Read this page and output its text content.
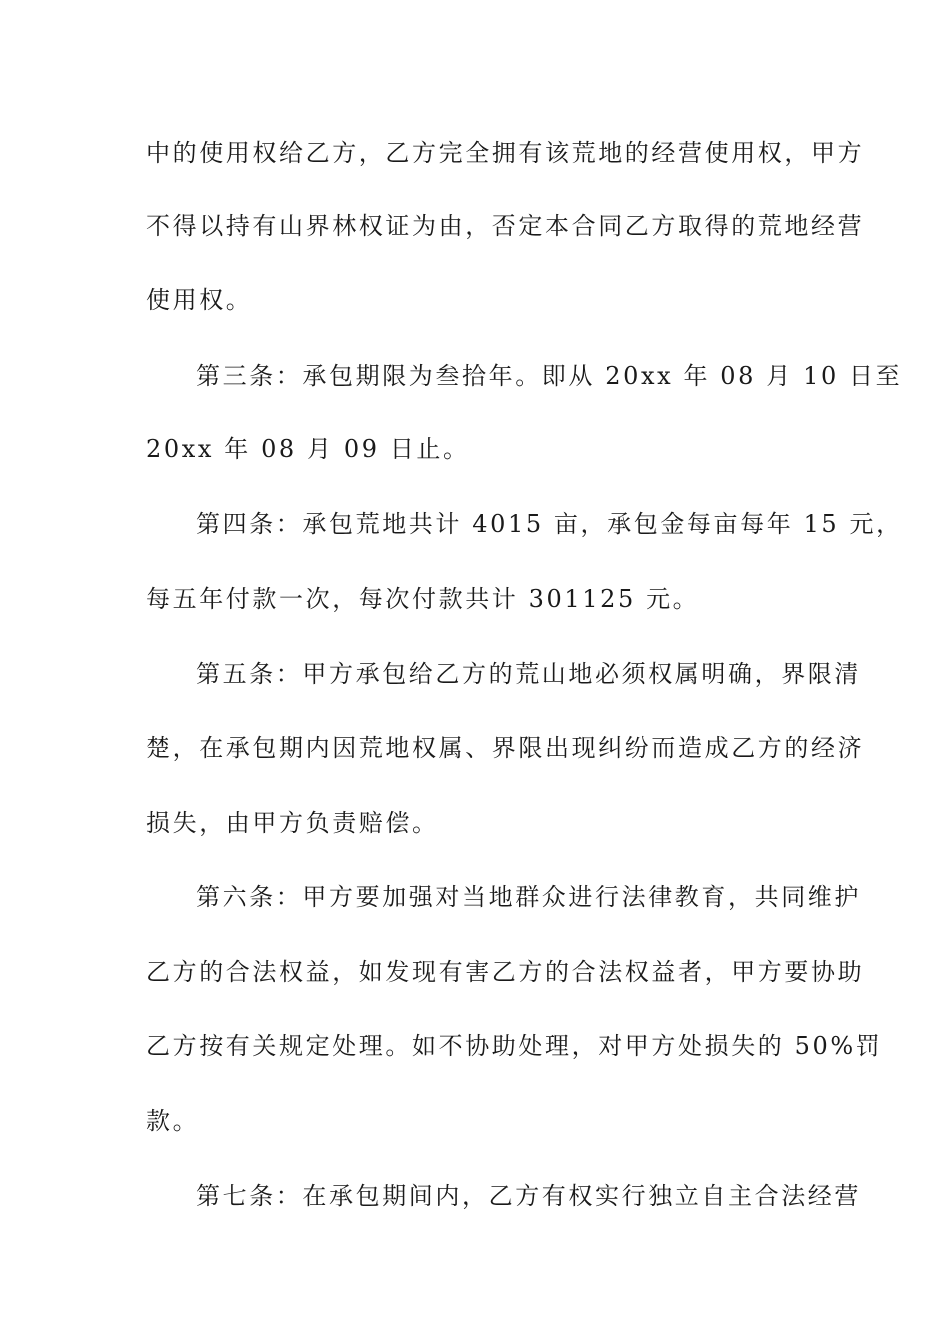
中的使用权给乙方，乙方完全拥有该荒地的经营使用权，甲方
不得以持有山界林权证为由，否定本合同乙方取得的荒地经营
使用权。
第三条：承包期限为叁拾年。即从 20xx 年 08 月 10 日至
20xx 年 08 月 09 日止。
第四条：承包荒地共计 4015 亩，承包金每亩每年 15 元，
每五年付款一次，每次付款共计 301125 元。
第五条：甲方承包给乙方的荒山地必须权属明确，界限清
楚，在承包期内因荒地权属、界限出现纠纷而造成乙方的经济
损失，由甲方负责赔偿。
第六条：甲方要加强对当地群众进行法律教育，共同维护
乙方的合法权益，如发现有害乙方的合法权益者，甲方要协助
乙方按有关规定处理。如不协助处理，对甲方处损失的 50%罚
款。
第七条：在承包期间内，乙方有权实行独立自主合法经营
